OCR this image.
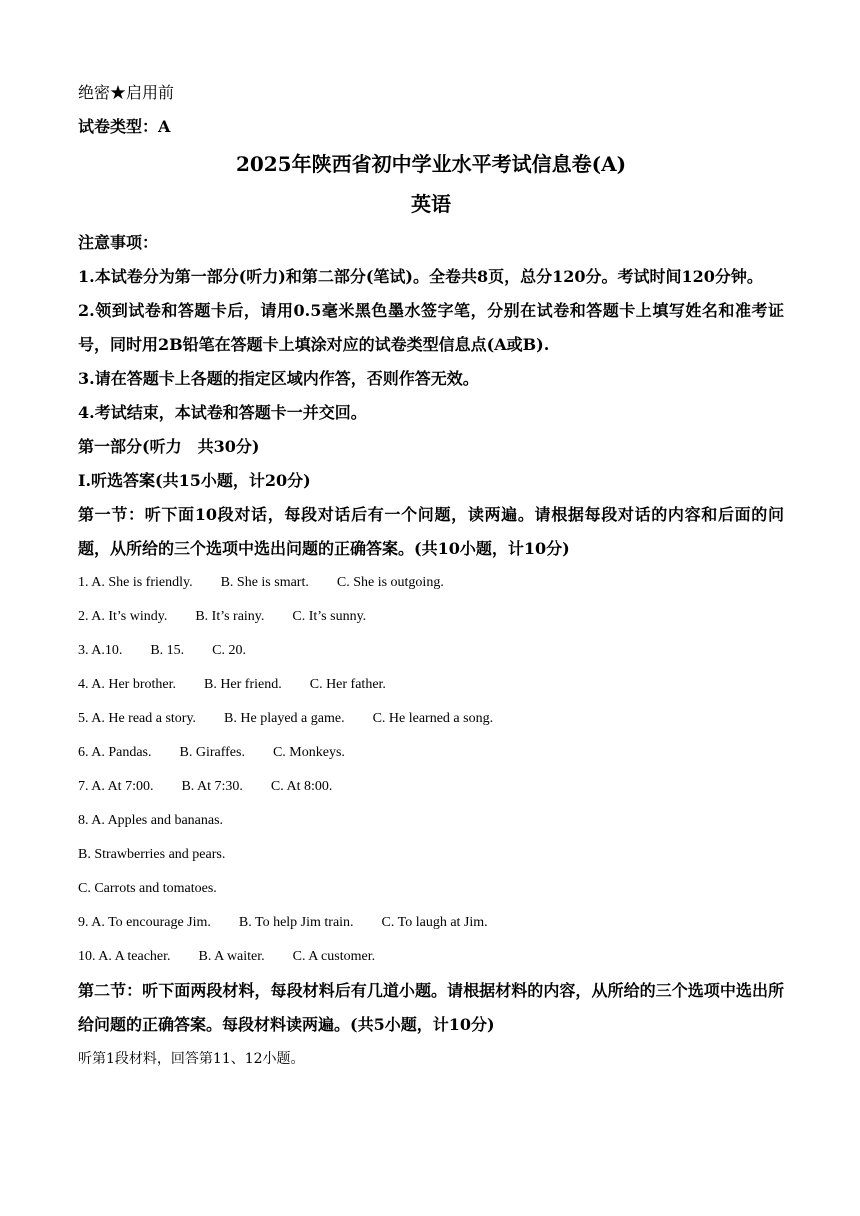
绝密★启用前
试卷类型：A
2025年陕西省初中学业水平考试信息卷(A)
英语
注意事项：
1.本试卷分为第一部分(听力)和第二部分(笔试)。全卷共8页，总分120分。考试时间120分钟。
2.领到试卷和答题卡后，请用0.5毫米黑色墨水签字笔，分别在试卷和答题卡上填写姓名和准考证号，同时用2B铅笔在答题卡上填涂对应的试卷类型信息点(A或B).
3.请在答题卡上各题的指定区域内作答，否则作答无效。
4.考试结束，本试卷和答题卡一并交回。
第一部分(听力　共30分)
Ⅰ.听选答案(共15小题，计20分)
第一节：听下面10段对话，每段对话后有一个问题，读两遍。请根据每段对话的内容和后面的问题，从所给的三个选项中选出问题的正确答案。(共10小题，计10分)
1. A. She is friendly.        B. She is smart.        C. She is outgoing.
2. A. It’s windy.        B. It’s rainy.        C. It’s sunny.
3. A.10.        B. 15.        C. 20.
4. A. Her brother.        B. Her friend.        C. Her father.
5. A. He read a story.        B. He played a game.        C. He learned a song.
6. A. Pandas.        B. Giraffes.        C. Monkeys.
7. A. At 7:00.        B. At 7:30.        C. At 8:00.
8. A. Apples and bananas.
B. Strawberries and pears.
C. Carrots and tomatoes.
9. A. To encourage Jim.        B. To help Jim train.        C. To laugh at Jim.
10. A. A teacher.        B. A waiter.        C. A customer.
第二节：听下面两段材料，每段材料后有几道小题。请根据材料的内容，从所给的三个选项中选出所给问题的正确答案。每段材料读两遍。(共5小题，计10分)
听第1段材料，回答第11、12小题。
